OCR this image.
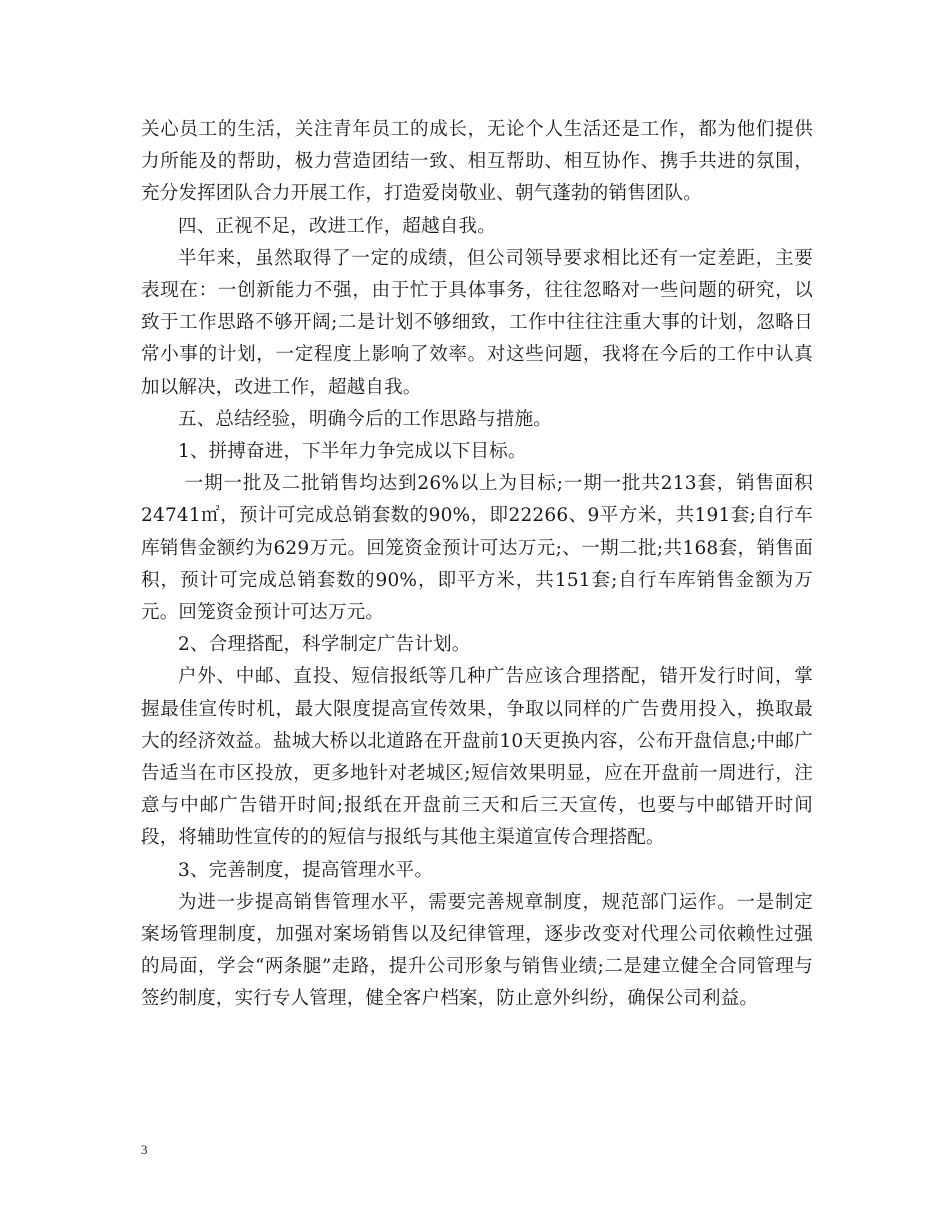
关心员工的生活，关注青年员工的成长，无论个人生活还是工作，都为他们提供力所能及的帮助，极力营造团结一致、相互帮助、相互协作、携手共进的氛围，充分发挥团队合力开展工作，打造爱岗敬业、朝气蓬勃的销售团队。

四、正视不足，改进工作，超越自我。

半年来，虽然取得了一定的成绩，但公司领导要求相比还有一定差距，主要表现在：一创新能力不强，由于忙于具体事务，往往忽略对一些问题的研究，以致于工作思路不够开阔;二是计划不够细致，工作中往往注重大事的计划，忽略日常小事的计划，一定程度上影响了效率。对这些问题，我将在今后的工作中认真加以解决，改进工作，超越自我。

五、总结经验，明确今后的工作思路与措施。

1、拼搏奋进，下半年力争完成以下目标。

一期一批及二批销售均达到26%以上为目标;一期一批共213套，销售面积24741㎡，预计可完成总销套数的90%，即22266、9平方米，共191套;自行车库销售金额约为629万元。回笼资金预计可达万元;、一期二批;共168套，销售面积，预计可完成总销套数的90%，即平方米，共151套;自行车库销售金额为万元。回笼资金预计可达万元。

2、合理搭配，科学制定广告计划。

户外、中邮、直投、短信报纸等几种广告应该合理搭配，错开发行时间，掌握最佳宣传时机，最大限度提高宣传效果，争取以同样的广告费用投入，换取最大的经济效益。盐城大桥以北道路在开盘前10天更换内容，公布开盘信息;中邮广告适当在市区投放，更多地针对老城区;短信效果明显，应在开盘前一周进行，注意与中邮广告错开时间;报纸在开盘前三天和后三天宣传，也要与中邮错开时间段，将辅助性宣传的的短信与报纸与其他主渠道宣传合理搭配。

3、完善制度，提高管理水平。

为进一步提高销售管理水平，需要完善规章制度，规范部门运作。一是制定案场管理制度，加强对案场销售以及纪律管理，逐步改变对代理公司依赖性过强的局面，学会“两条腿”走路，提升公司形象与销售业绩;二是建立健全合同管理与签约制度，实行专人管理，健全客户档案，防止意外纠纷，确保公司利益。

3
